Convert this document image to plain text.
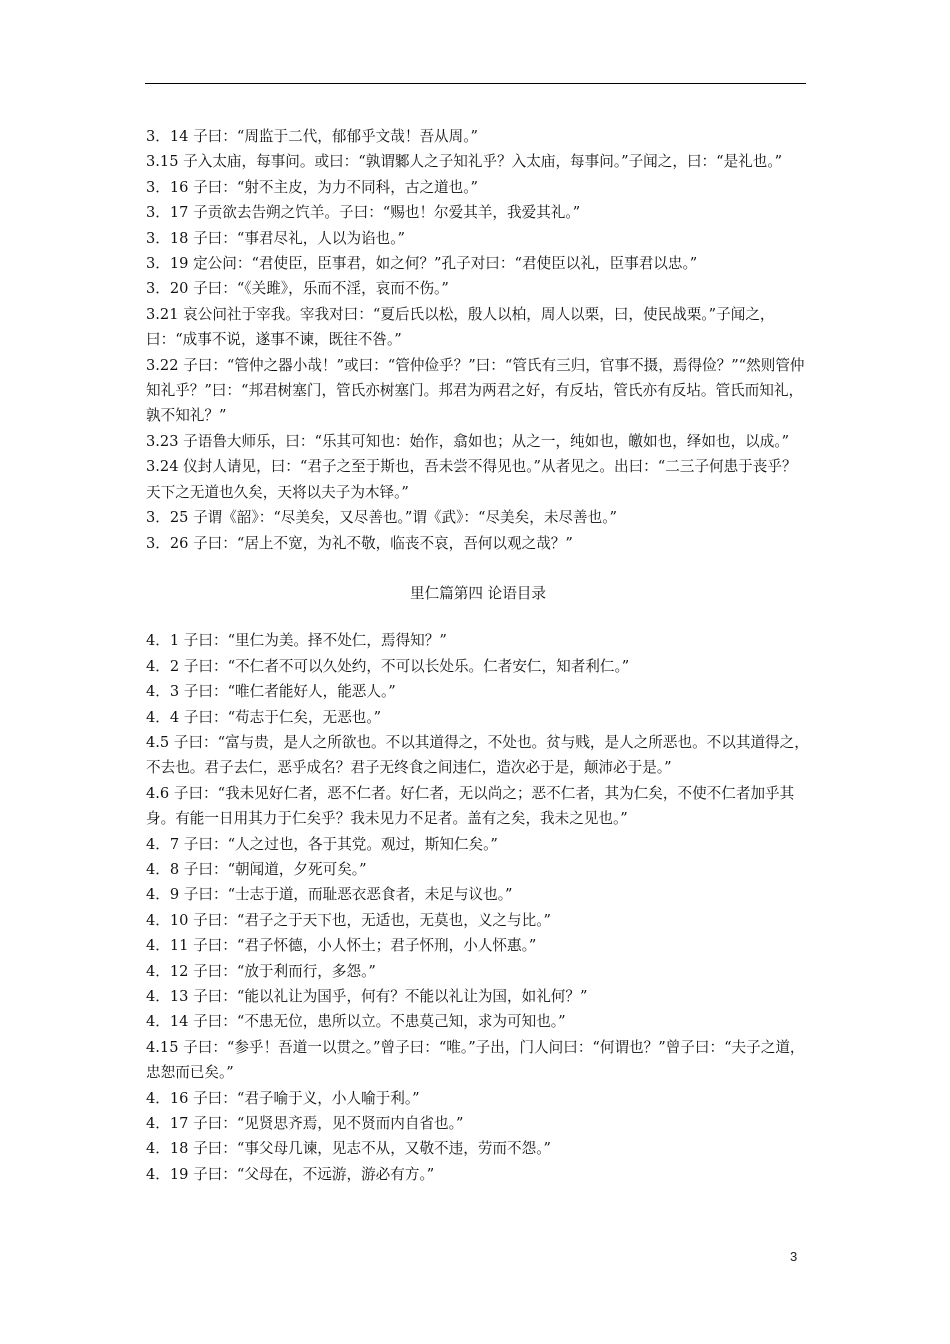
3．14 子曰：“周监于二代，郁郁乎文哉！吾从周。”

3.15 子入太庙，每事问。或曰：“孰谓鄹人之子知礼乎？入太庙，每事问。”子闻之，曰：“是礼也。”

3．16 子曰：“射不主皮，为力不同科，古之道也。”

3．17 子贡欲去告朔之饩羊。子曰：“赐也！尔爱其羊，我爱其礼。”

3．18 子曰：“事君尽礼，人以为谄也。”

3．19 定公问：“君使臣，臣事君，如之何？”孔子对曰：“君使臣以礼，臣事君以忠。”

3．20 子曰：“《关雎》，乐而不淫，哀而不伤。”

3.21 哀公问社于宰我。宰我对曰：“夏后氏以松，殷人以柏，周人以栗，曰，使民战栗。”子闻之，曰：“成事不说，遂事不谏，既往不咎。”

3.22 子曰：“管仲之器小哉！”或曰：“管仲俭乎？”曰：“管氏有三归，官事不摄，焉得俭？”“然则管仲知礼乎？”曰：“邦君树塞门，管氏亦树塞门。邦君为两君之好，有反坫，管氏亦有反坫。管氏而知礼，孰不知礼？”

3.23 子语鲁大师乐，曰：“乐其可知也：始作，翕如也；从之一，纯如也，皦如也，绎如也，以成。”

3.24 仪封人请见，曰：“君子之至于斯也，吾未尝不得见也。”从者见之。出曰：“二三子何患于丧乎？天下之无道也久矣，天将以夫子为木铎。”

3．25 子谓《韶》：“尽美矣，又尽善也。”谓《武》：“尽美矣，未尽善也。”

3．26 子曰：“居上不宽，为礼不敬，临丧不哀，吾何以观之哉？”

里仁篇第四 论语目录

4．1 子曰：“里仁为美。择不处仁，焉得知？”

4．2 子曰：“不仁者不可以久处约，不可以长处乐。仁者安仁，知者利仁。”

4．3 子曰：“唯仁者能好人，能恶人。”

4．4 子曰：“苟志于仁矣，无恶也。”

4.5 子曰：“富与贵，是人之所欲也。不以其道得之，不处也。贫与贱，是人之所恶也。不以其道得之，不去也。君子去仁，恶乎成名？君子无终食之间违仁，造次必于是，颠沛必于是。”

4.6 子曰：“我未见好仁者，恶不仁者。好仁者，无以尚之；恶不仁者，其为仁矣，不使不仁者加乎其身。有能一日用其力于仁矣乎？我未见力不足者。盖有之矣，我未之见也。”

4．7 子曰：“人之过也，各于其党。观过，斯知仁矣。”

4．8 子曰：“朝闻道，夕死可矣。”

4．9 子曰：“士志于道，而耻恶衣恶食者，未足与议也。”

4．10 子曰：“君子之于天下也，无适也，无莫也，义之与比。”

4．11 子曰：“君子怀德，小人怀土；君子怀刑，小人怀惠。”

4．12 子曰：“放于利而行，多怨。”

4．13 子曰：“能以礼让为国乎，何有？不能以礼让为国，如礼何？”

4．14 子曰：“不患无位，患所以立。不患莫己知，求为可知也。”

4.15 子曰：“参乎！吾道一以贯之。”曾子曰：“唯。”子出，门人问曰：“何谓也？”曾子曰：“夫子之道，忠恕而已矣。”

4．16 子曰：“君子喻于义，小人喻于利。”

4．17 子曰：“见贤思齐焉，见不贤而内自省也。”

4．18 子曰：“事父母几谏，见志不从，又敬不违，劳而不怨。”

4．19 子曰：“父母在，不远游，游必有方。”

3
